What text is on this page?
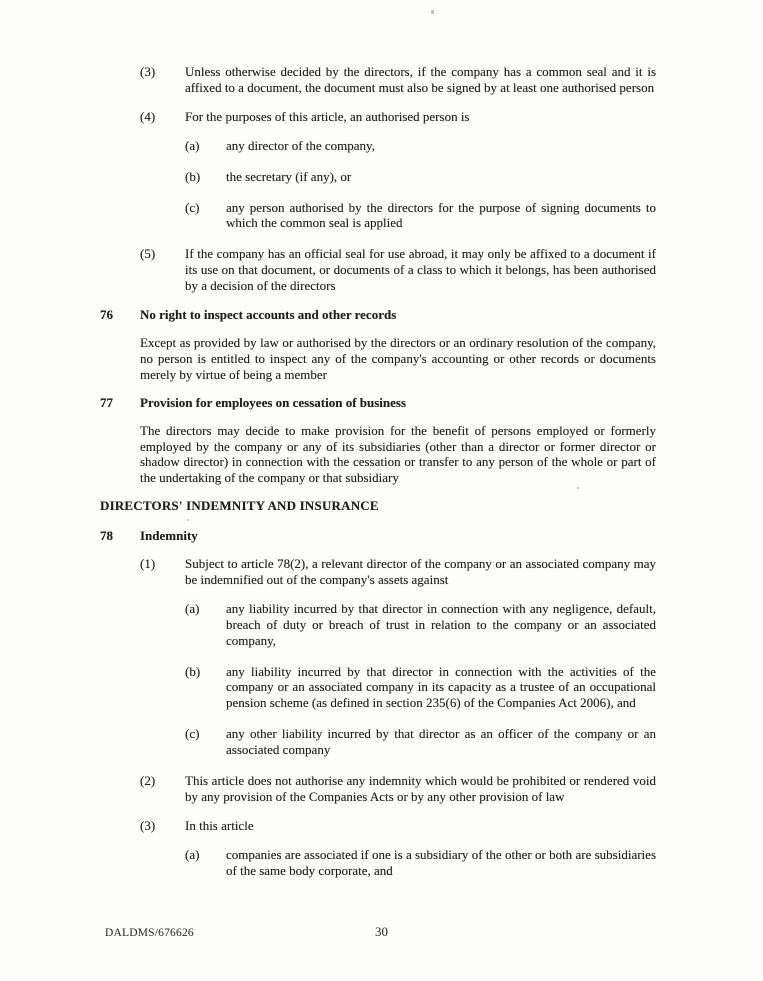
(3)	Unless otherwise decided by the directors, if the company has a common seal and it is affixed to a document, the document must also be signed by at least one authorised person
(4)	For the purposes of this article, an authorised person is
(a)	any director of the company,
(b)	the secretary (if any), or
(c)	any person authorised by the directors for the purpose of signing documents to which the common seal is applied
(5)	If the company has an official seal for use abroad, it may only be affixed to a document if its use on that document, or documents of a class to which it belongs, has been authorised by a decision of the directors
76	No right to inspect accounts and other records
Except as provided by law or authorised by the directors or an ordinary resolution of the company, no person is entitled to inspect any of the company's accounting or other records or documents merely by virtue of being a member
77	Provision for employees on cessation of business
The directors may decide to make provision for the benefit of persons employed or formerly employed by the company or any of its subsidiaries (other than a director or former director or shadow director) in connection with the cessation or transfer to any person of the whole or part of the undertaking of the company or that subsidiary
DIRECTORS' INDEMNITY AND INSURANCE
78	Indemnity
(1)	Subject to article 78(2), a relevant director of the company or an associated company may be indemnified out of the company's assets against
(a)	any liability incurred by that director in connection with any negligence, default, breach of duty or breach of trust in relation to the company or an associated company,
(b)	any liability incurred by that director in connection with the activities of the company or an associated company in its capacity as a trustee of an occupational pension scheme (as defined in section 235(6) of the Companies Act 2006), and
(c)	any other liability incurred by that director as an officer of the company or an associated company
(2)	This article does not authorise any indemnity which would be prohibited or rendered void by any provision of the Companies Acts or by any other provision of law
(3)	In this article
(a)	companies are associated if one is a subsidiary of the other or both are subsidiaries of the same body corporate, and
DALDMS/676626	30
